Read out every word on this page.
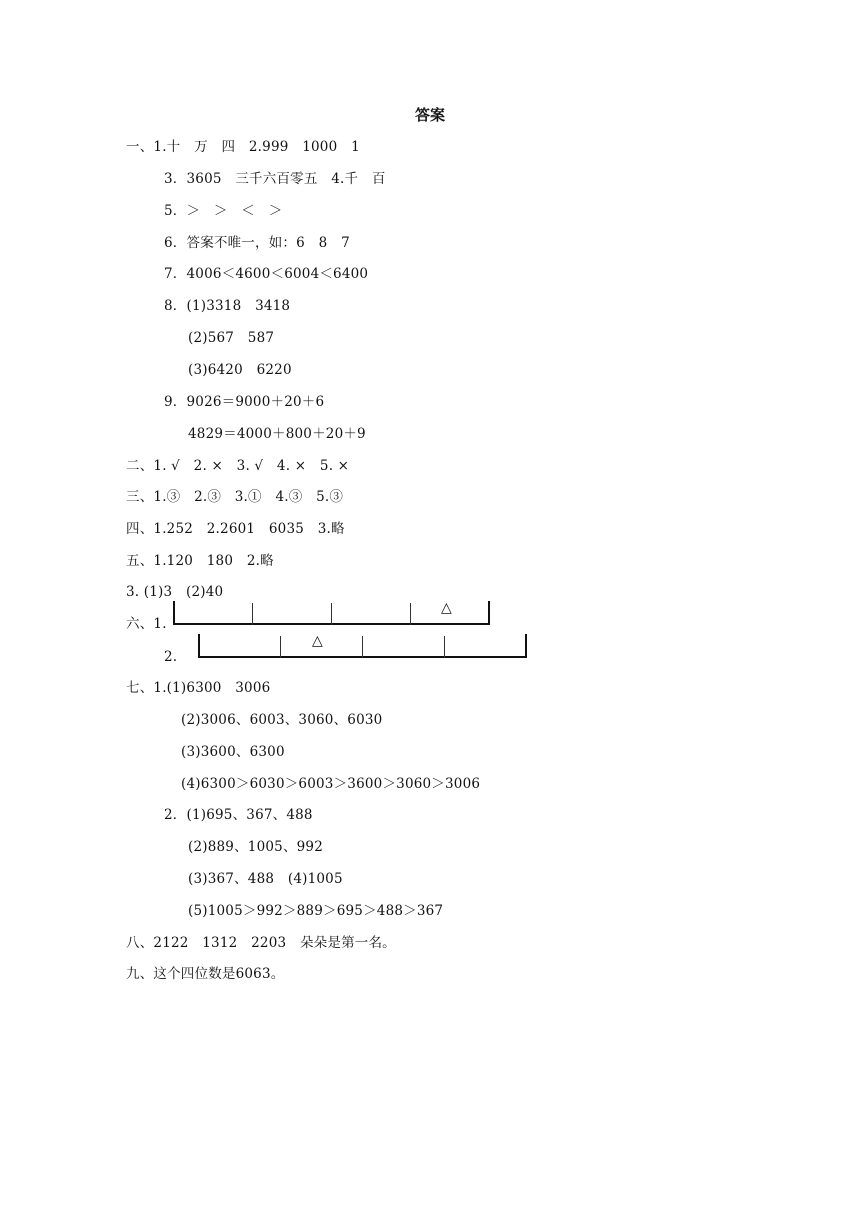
答案
一、1.十　万　四　2.999　1000　1
3．3605　三千六百零五　4.千　百
5．＞　＞　＜　＞
6．答案不唯一，如：6　8　7
7．4006＜4600＜6004＜6400
8．(1)3318　3418
(2)567　587
(3)6420　6220
9．9026＝9000＋20＋6
4829＝4000＋800＋20＋9
二、1. √　2. ×　3. √　4. ×　5. ×
三、1.③　2.③　3.①　4.③　5.③
四、1.252　2.2601　6035　3.略
五、1.120　180　2.略
3. (1)3　(2)40
六、1.
2.
△
△
七、1.(1)6300　3006
(2)3006、6003、3060、6030
(3)3600、6300
(4)6300＞6030＞6003＞3600＞3060＞3006
2．(1)695、367、488
(2)889、1005、992
(3)367、488　(4)1005
(5)1005＞992＞889＞695＞488＞367
八、2122　1312　2203　朵朵是第一名。
九、这个四位数是6063。
